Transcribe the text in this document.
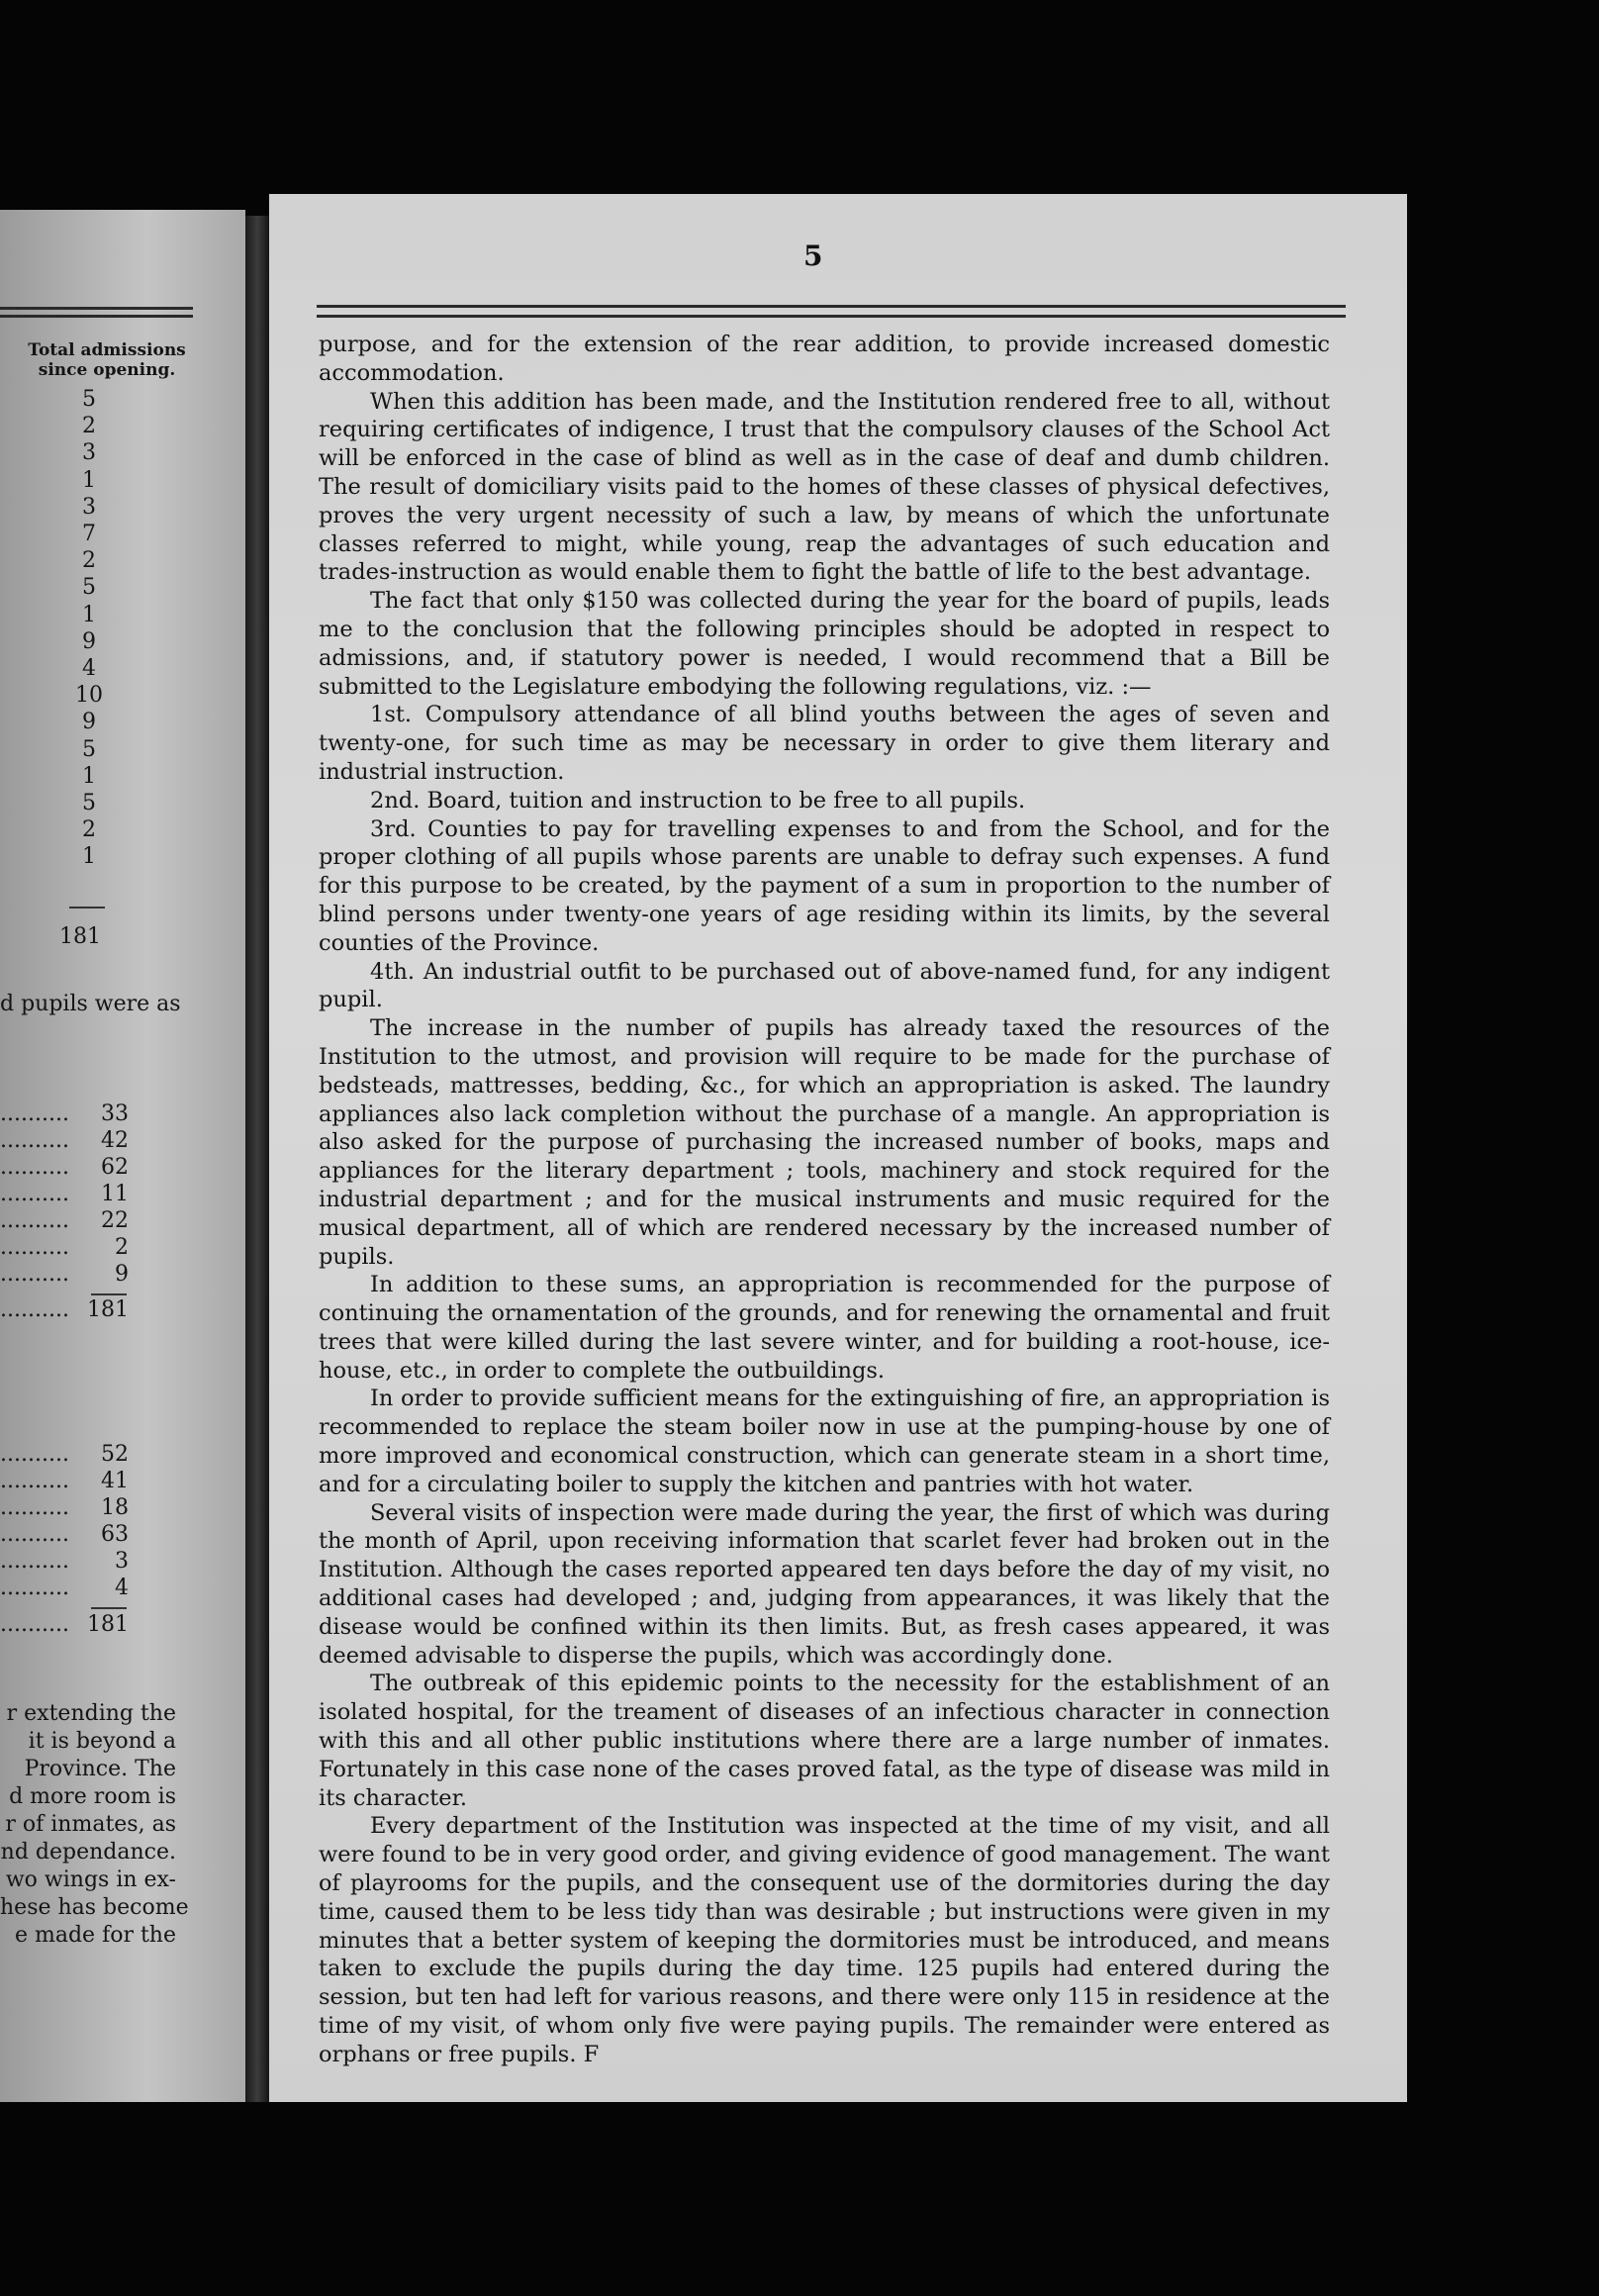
Total admissions
since opening.
5
2
3
1
3
7
2
5
1
9
4
10
9
5
1
5
2
1
181
d pupils were as
.......... 33
.......... 42
.......... 62
.......... 11
.......... 22
.......... 2
.......... 9
.......... 181
.......... 52
.......... 41
.......... 18
.......... 63
.......... 3
.......... 4
.......... 181
r extending the
it is beyond a
Province. The
d more room is
r of inmates, as
nd dependance.
wo wings in ex-
hese has become
e made for the
5

purpose, and for the extension of the rear addition, to provide increased domestic accommodation.

When this addition has been made, and the Institution rendered free to all, without requiring certificates of indigence, I trust that the compulsory clauses of the School Act will be enforced in the case of blind as well as in the case of deaf and dumb children. The result of domiciliary visits paid to the homes of these classes of physical defectives, proves the very urgent necessity of such a law, by means of which the unfortunate classes referred to might, while young, reap the advantages of such education and trades-instruction as would enable them to fight the battle of life to the best advantage.

The fact that only $150 was collected during the year for the board of pupils, leads me to the conclusion that the following principles should be adopted in respect to admissions, and, if statutory power is needed, I would recommend that a Bill be submitted to the Legislature embodying the following regulations, viz. :—

1st. Compulsory attendance of all blind youths between the ages of seven and twenty-one, for such time as may be necessary in order to give them literary and industrial instruction.

2nd. Board, tuition and instruction to be free to all pupils.

3rd. Counties to pay for travelling expenses to and from the School, and for the proper clothing of all pupils whose parents are unable to defray such expenses. A fund for this purpose to be created, by the payment of a sum in proportion to the number of blind persons under twenty-one years of age residing within its limits, by the several counties of the Province.

4th. An industrial outfit to be purchased out of above-named fund, for any indigent pupil.

The increase in the number of pupils has already taxed the resources of the Institution to the utmost, and provision will require to be made for the purchase of bedsteads, mattresses, bedding, &c., for which an appropriation is asked. The laundry appliances also lack completion without the purchase of a mangle. An appropriation is also asked for the purpose of purchasing the increased number of books, maps and appliances for the literary department ; tools, machinery and stock required for the industrial department ; and for the musical instruments and music required for the musical department, all of which are rendered necessary by the increased number of pupils.

In addition to these sums, an appropriation is recommended for the purpose of continuing the ornamentation of the grounds, and for renewing the ornamental and fruit trees that were killed during the last severe winter, and for building a root-house, ice-house, etc., in order to complete the outbuildings.

In order to provide sufficient means for the extinguishing of fire, an appropriation is recommended to replace the steam boiler now in use at the pumping-house by one of more improved and economical construction, which can generate steam in a short time, and for a circulating boiler to supply the kitchen and pantries with hot water.

Several visits of inspection were made during the year, the first of which was during the month of April, upon receiving information that scarlet fever had broken out in the Institution. Although the cases reported appeared ten days before the day of my visit, no additional cases had developed ; and, judging from appearances, it was likely that the disease would be confined within its then limits. But, as fresh cases appeared, it was deemed advisable to disperse the pupils, which was accordingly done.

The outbreak of this epidemic points to the necessity for the establishment of an isolated hospital, for the treament of diseases of an infectious character in connection with this and all other public institutions where there are a large number of inmates. Fortunately in this case none of the cases proved fatal, as the type of disease was mild in its character.

Every department of the Institution was inspected at the time of my visit, and all were found to be in very good order, and giving evidence of good management. The want of playrooms for the pupils, and the consequent use of the dormitories during the day time, caused them to be less tidy than was desirable ; but instructions were given in my minutes that a better system of keeping the dormitories must be introduced, and means taken to exclude the pupils during the day time. 125 pupils had entered during the session, but ten had left for various reasons, and there were only 115 in residence at the time of my visit, of whom only five were paying pupils. The remainder were entered as orphans or free pupils. F
